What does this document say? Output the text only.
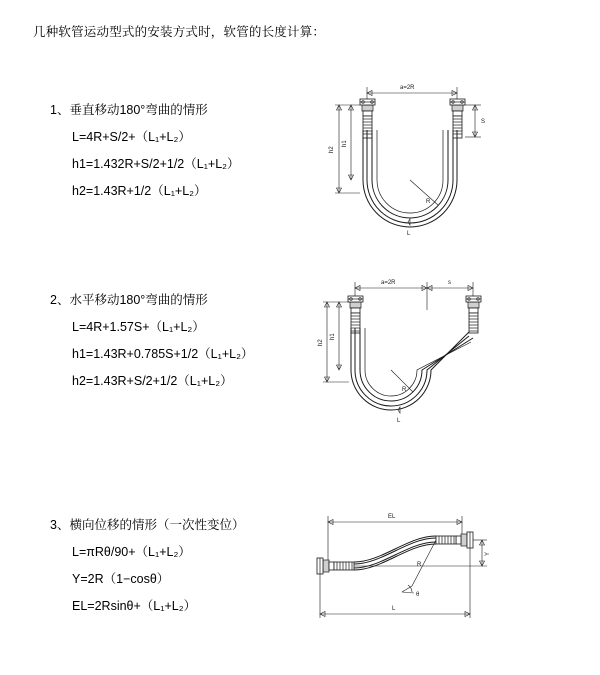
几种软管运动型式的安装方式时，软管的长度计算：
1、垂直移动180°弯曲的情形
L=4R+S/2+（L₁+L₂）
h1=1.432R+S/2+1/2（L₁+L₂）
h2=1.43R+1/2（L₁+L₂）
a=2R
R
L
h2
h1
S
2、水平移动180°弯曲的情形
L=4R+1.57S+（L₁+L₂）
h1=1.43R+0.785S+1/2（L₁+L₂）
h2=1.43R+S/2+1/2（L₁+L₂）
a=2R	s
R
L
h2
h1
3、横向位移的情形（一次性变位）
L=πRθ/90+（L₁+L₂）
Y=2R（1−cosθ）
EL=2Rsinθ+（L₁+L₂）
EL
Y
R
θ
L
